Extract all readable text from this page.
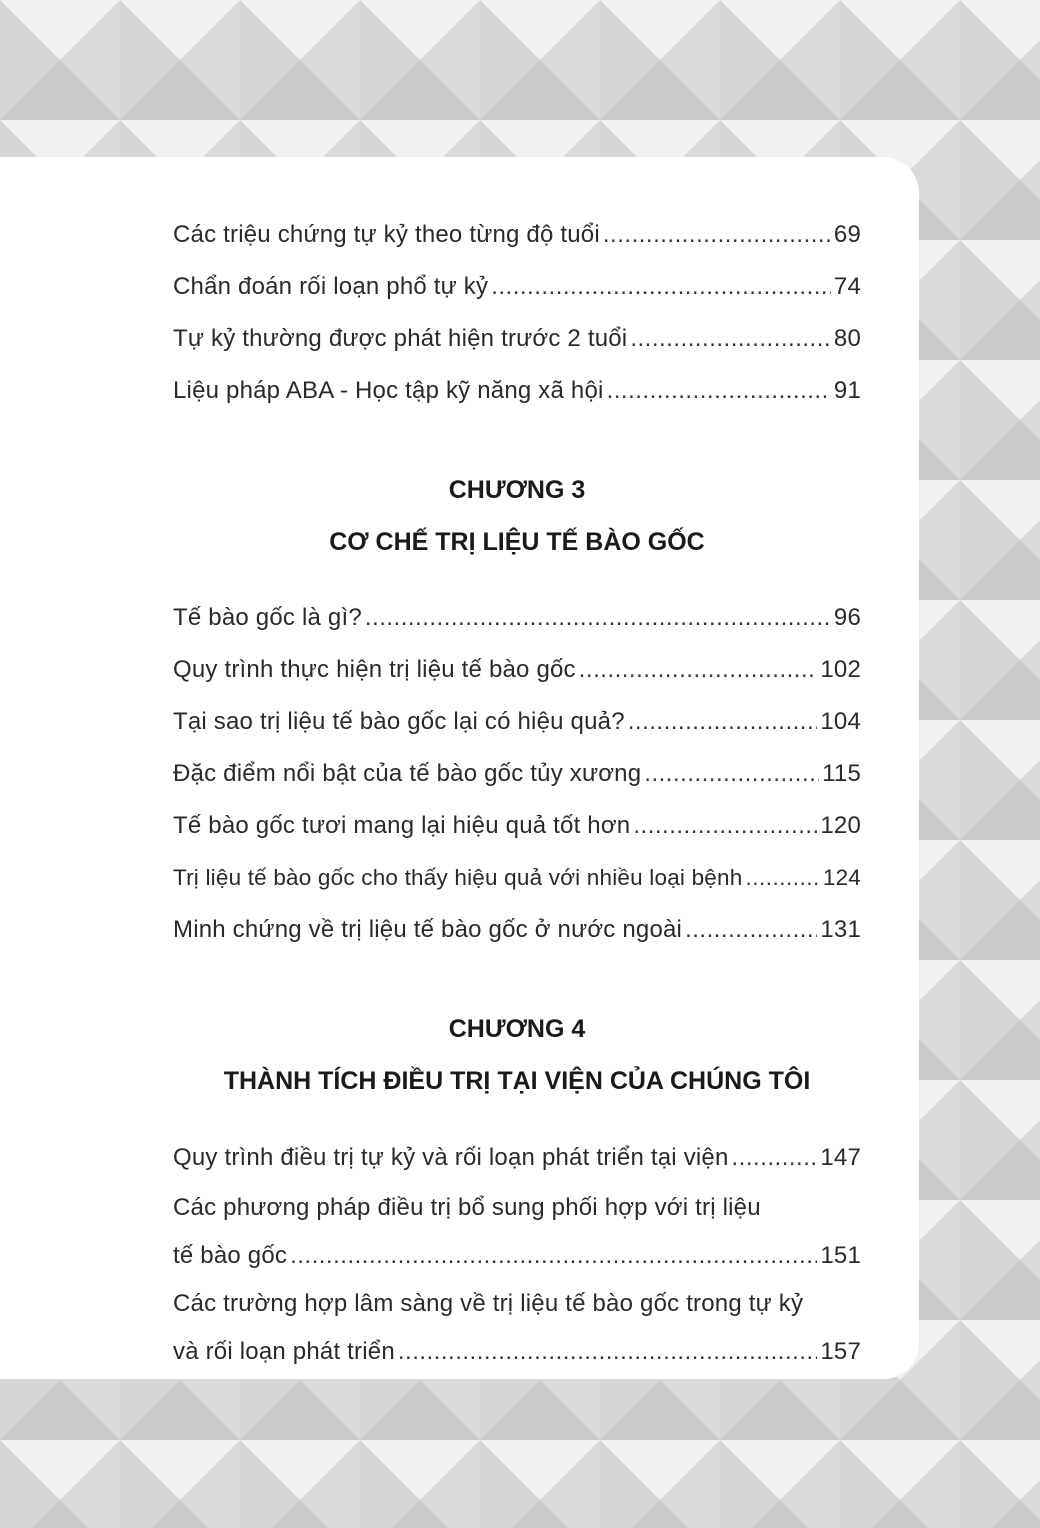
Các triệu chứng tự kỷ theo từng độ tuổi .....	69
Chẩn đoán rối loạn phổ tự kỷ .....	74
Tự kỷ thường được phát hiện trước 2 tuổi .....	80
Liệu pháp ABA - Học tập kỹ năng xã hội .....	91
CHƯƠNG 3
CƠ CHẾ TRỊ LIỆU TẾ BÀO GỐC
Tế bào gốc là gì? .....	96
Quy trình thực hiện trị liệu tế bào gốc .....	102
Tại sao trị liệu tế bào gốc lại có hiệu quả? .....	104
Đặc điểm nổi bật của tế bào gốc tủy xương .....	115
Tế bào gốc tươi mang lại hiệu quả tốt hơn .....	120
Trị liệu tế bào gốc cho thấy hiệu quả với nhiều loại bệnh .....	124
Minh chứng về trị liệu tế bào gốc ở nước ngoài .....	131
CHƯƠNG 4
THÀNH TÍCH ĐIỀU TRỊ TẠI VIỆN CỦA CHÚNG TÔI
Quy trình điều trị tự kỷ và rối loạn phát triển tại viện .....	147
Các phương pháp điều trị bổ sung phối hợp với trị liệu
tế bào gốc .....	151
Các trường hợp lâm sàng về trị liệu tế bào gốc trong tự kỷ
và rối loạn phát triển .....	157
